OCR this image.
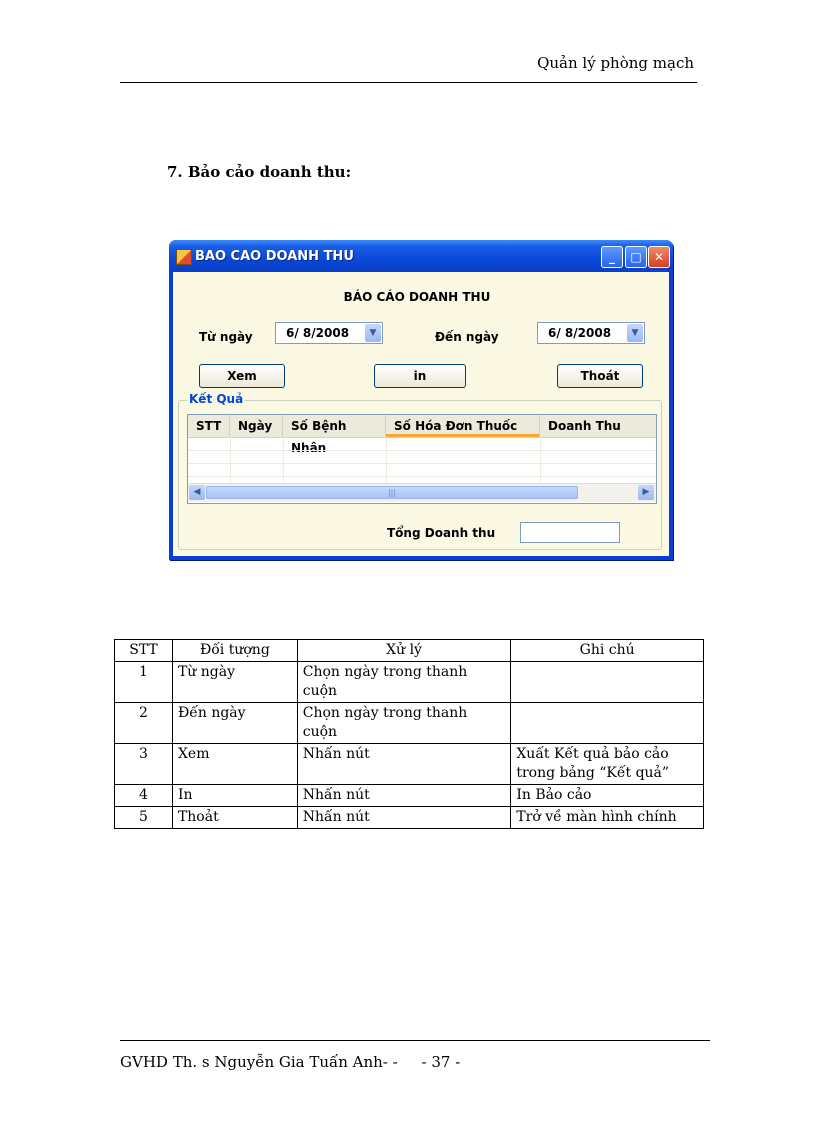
Quản lý phòng mạch
7. Bảo cảo doanh thu:
BAO CAO DOANH THU	_	□	✕
BÁO CÁO DOANH THU
Từ ngày	6/ 8/2008	▼	Đến ngày	6/ 8/2008	▼
Xem	in	Thoát
Kết Quả
STT	Ngày	Số Bệnh Nhân
Số Hóa Đơn Thuốc	Doanh Thu
◀	|||	▶
Tổng Doanh thu
STT	Đối tượng	Xử lý	Ghi chú
1	Từ ngày	Chọn ngày trong thanh cuộn	
2	Đến ngày	Chọn ngày trong thanh cuộn	
3	Xem	Nhấn nút	Xuất Kết quả bảo cảo trong bảng “Kết quả”
4	In	Nhấn nút	In Bảo cảo
5	Thoảt	Nhấn nút	Trở về màn hình chính
GVHD Th. s Nguyễn Gia Tuấn Anh- -     - 37 -
